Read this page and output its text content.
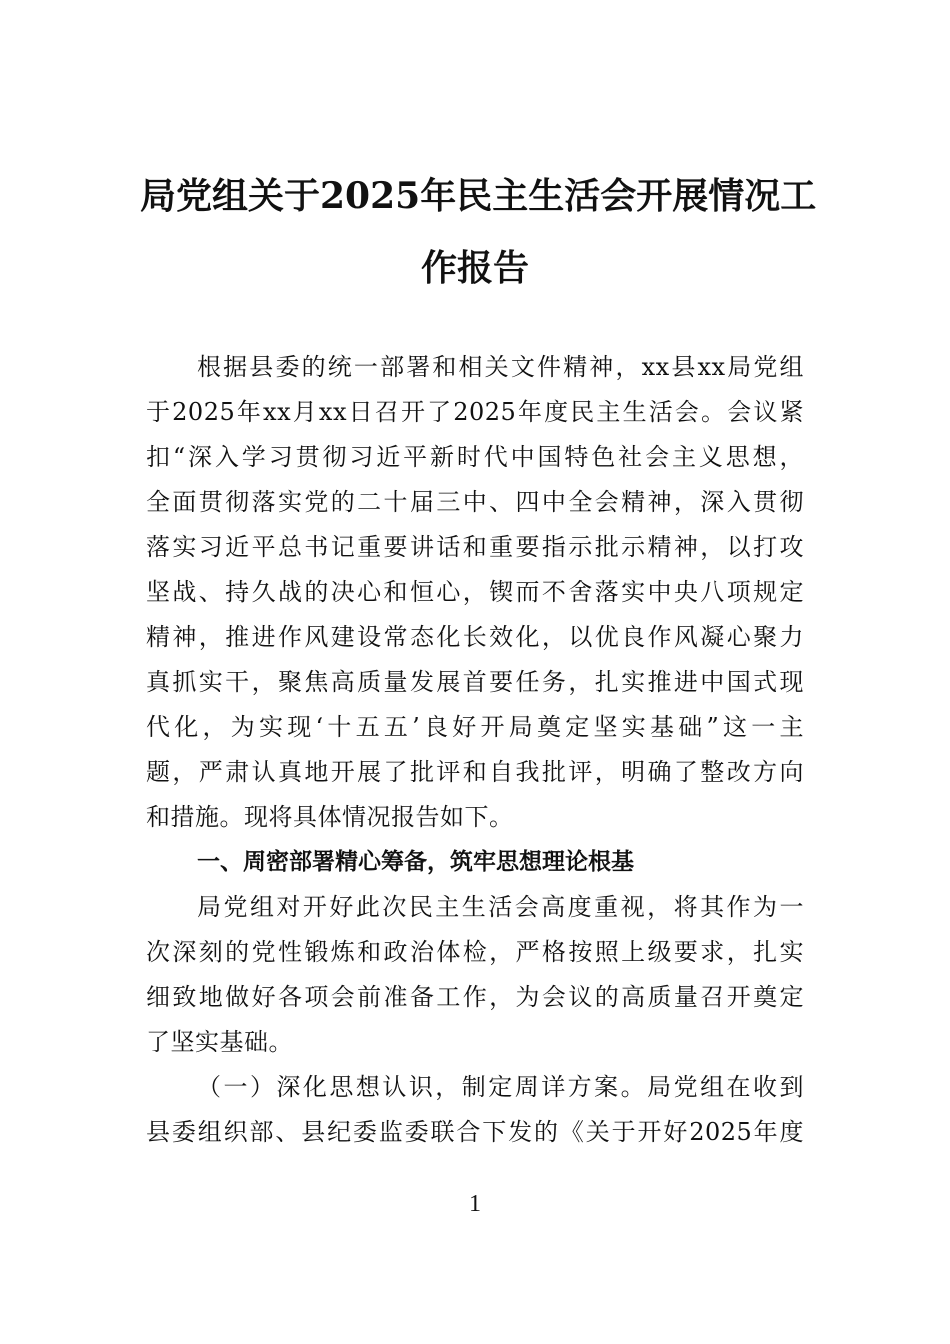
局党组关于2025年民主生活会开展情况工
作报告

根据县委的统一部署和相关文件精神，xx县xx局党组

于2025年xx月xx日召开了2025年度民主生活会。会议紧

扣“深入学习贯彻习近平新时代中国特色社会主义思想，

全面贯彻落实党的二十届三中、四中全会精神，深入贯彻

落实习近平总书记重要讲话和重要指示批示精神，以打攻

坚战、持久战的决心和恒心，锲而不舍落实中央八项规定

精神，推进作风建设常态化长效化，以优良作风凝心聚力

真抓实干，聚焦高质量发展首要任务，扎实推进中国式现

代化，为实现‘十五五’良好开局奠定坚实基础”这一主

题，严肃认真地开展了批评和自我批评，明确了整改方向

和措施。现将具体情况报告如下。

一、周密部署精心筹备，筑牢思想理论根基

局党组对开好此次民主生活会高度重视，将其作为一

次深刻的党性锻炼和政治体检，严格按照上级要求，扎实

细致地做好各项会前准备工作，为会议的高质量召开奠定

了坚实基础。

（一）深化思想认识，制定周详方案。局党组在收到

县委组织部、县纪委监委联合下发的《关于开好2025年度

1
